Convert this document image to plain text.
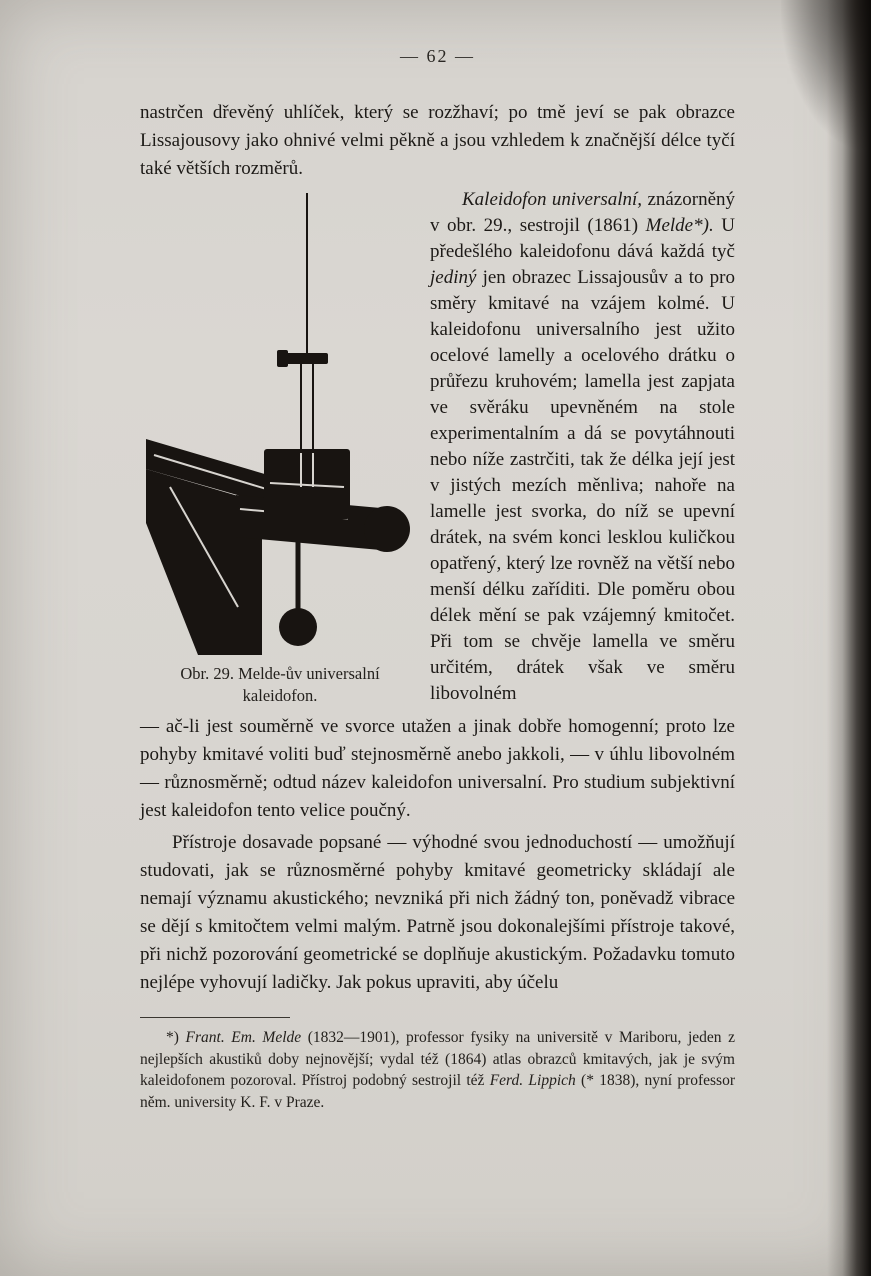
— 62 —

nastrčen dřevěný uhlíček, který se rozžhaví; po tmě jeví se pak obrazce Lissajousovy jako ohnivé velmi pěkně a jsou vzhledem k značnější délce tyčí také větších rozměrů.

Obr. 29. Melde-ův universalní
kaleidofon.

Kaleidofon universalní, znázorněný v obr. 29., sestrojil (1861) Melde*). U předešlého kaleidofonu dává každá tyč jediný jen obrazec Lissajousův a to pro směry kmitavé na vzájem kolmé. U kaleidofonu universalního jest užito ocelové lamelly a ocelového drátku o průřezu kruhovém; lamella jest zapjata ve svěráku upevněném na stole experimentalním a dá se povytáhnouti nebo níže zastrčiti, tak že délka její jest v jistých mezích měnliva; nahoře na lamelle jest svorka, do níž se upevní drátek, na svém konci lesklou kuličkou opatřený, který lze rovněž na větší nebo menší délku zaříditi. Dle poměru obou délek mění se pak vzájemný kmitočet. Při tom se chvěje lamella ve směru určitém, drátek však ve směru libovolném

— ač-li jest souměrně ve svorce utažen a jinak dobře homogenní; proto lze pohyby kmitavé voliti buď stejnosměrně anebo jakkoli, — v úhlu libovolném — různosměrně; odtud název kaleidofon universalní. Pro studium subjektivní jest kaleidofon tento velice poučný.

Přístroje dosavade popsané — výhodné svou jednoduchostí — umožňují studovati, jak se různosměrné pohyby kmitavé geometricky skládají ale nemají významu akustického; nevzniká při nich žádný ton, poněvadž vibrace se dějí s kmitočtem velmi malým. Patrně jsou dokonalejšími přístroje takové, při nichž pozorování geometrické se doplňuje akustickým. Požadavku tomuto nejlépe vyhovují ladičky. Jak pokus upraviti, aby účelu

*) Frant. Em. Melde (1832—1901), professor fysiky na universitě v Mariboru, jeden z nejlepších akustiků doby nejnovější; vydal též (1864) atlas obrazců kmitavých, jak je svým kaleidofonem pozoroval. Přístroj podobný sestrojil též Ferd. Lippich (* 1838), nyní professor něm. university K. F. v Praze.
